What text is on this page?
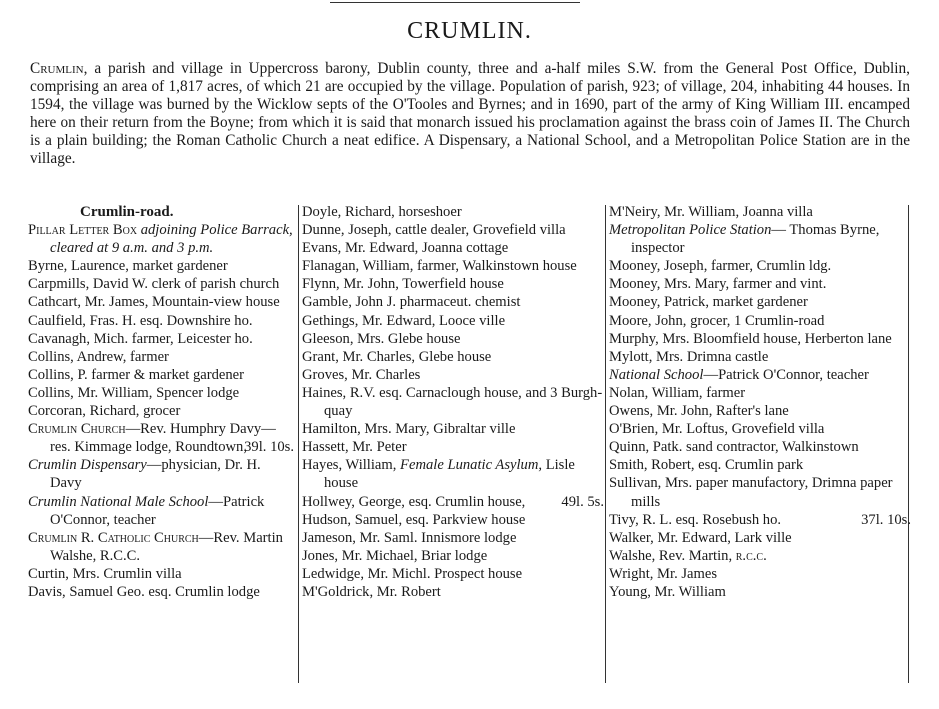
CRUMLIN.
Crumlin, a parish and village in Uppercross barony, Dublin county, three and a-half miles S.W. from the General Post Office, Dublin, comprising an area of 1,817 acres, of which 21 are occupied by the village. Population of parish, 923; of village, 204, inhabiting 44 houses. In 1594, the village was burned by the Wicklow septs of the O'Tooles and Byrnes; and in 1690, part of the army of King William III. encamped here on their return from the Boyne; from which it is said that monarch issued his proclamation against the brass coin of James II. The Church is a plain building; the Roman Catholic Church a neat edifice. A Dispensary, a National School, and a Metropolitan Police Station are in the village.
Crumlin-road.
Pillar Letter Box adjoining Police Barrack, cleared at 9 a.m. and 3 p.m.
Byrne, Laurence, market gardener
Carpmills, David W. clerk of parish church
Cathcart, Mr. James, Mountain-view house
Caulfield, Fras. H. esq. Downshire ho.
Cavanagh, Mich. farmer, Leicester ho.
Collins, Andrew, farmer
Collins, P. farmer & market gardener
Collins, Mr. William, Spencer lodge
Corcoran, Richard, grocer
Crumlin Church—Rev. Humphry Davy— res. Kimmage lodge, Roundtown,
39l. 10s.
Crumlin Dispensary—physician, Dr. H. Davy
Crumlin National Male School—Patrick O'Connor, teacher
Crumlin R. Catholic Church—Rev. Martin Walshe, R.C.C.
Curtin, Mrs. Crumlin villa
Davis, Samuel Geo. esq. Crumlin lodge
Doyle, Richard, horseshoer
Dunne, Joseph, cattle dealer, Grovefield villa
Evans, Mr. Edward, Joanna cottage
Flanagan, William, farmer, Walkinstown house
Flynn, Mr. John, Towerfield house
Gamble, John J. pharmaceut. chemist
Gethings, Mr. Edward, Looce ville
Gleeson, Mrs. Glebe house
Grant, Mr. Charles, Glebe house
Groves, Mr. Charles
Haines, R.V. esq. Carnaclough house, and 3 Burgh-quay
Hamilton, Mrs. Mary, Gibraltar ville
Hassett, Mr. Peter
Hayes, William, Female Lunatic Asylum, Lisle house
Hollwey, George, esq. Crumlin house, 49l. 5s.
Hudson, Samuel, esq. Parkview house
Jameson, Mr. Saml. Innismore lodge
Jones, Mr. Michael, Briar lodge
Ledwidge, Mr. Michl. Prospect house
M'Goldrick, Mr. Robert
M'Neiry, Mr. William, Joanna villa
Metropolitan Police Station— Thomas Byrne, inspector
Mooney, Joseph, farmer, Crumlin ldg.
Mooney, Mrs. Mary, farmer and vint.
Mooney, Patrick, market gardener
Moore, John, grocer, 1 Crumlin-road
Murphy, Mrs. Bloomfield house, Herberton lane
Mylott, Mrs. Drimna castle
National School—Patrick O'Connor, teacher
Nolan, William, farmer
Owens, Mr. John, Rafter's lane
O'Brien, Mr. Loftus, Grovefield villa
Quinn, Patk. sand contractor, Walkinstown
Smith, Robert, esq. Crumlin park
Sullivan, Mrs. paper manufactory, Drimna paper mills
Tivy, R. L. esq. Rosebush ho.	37l. 10s.
Walker, Mr. Edward, Lark ville
Walshe, Rev. Martin, r.c.c.
Wright, Mr. James
Young, Mr. William
